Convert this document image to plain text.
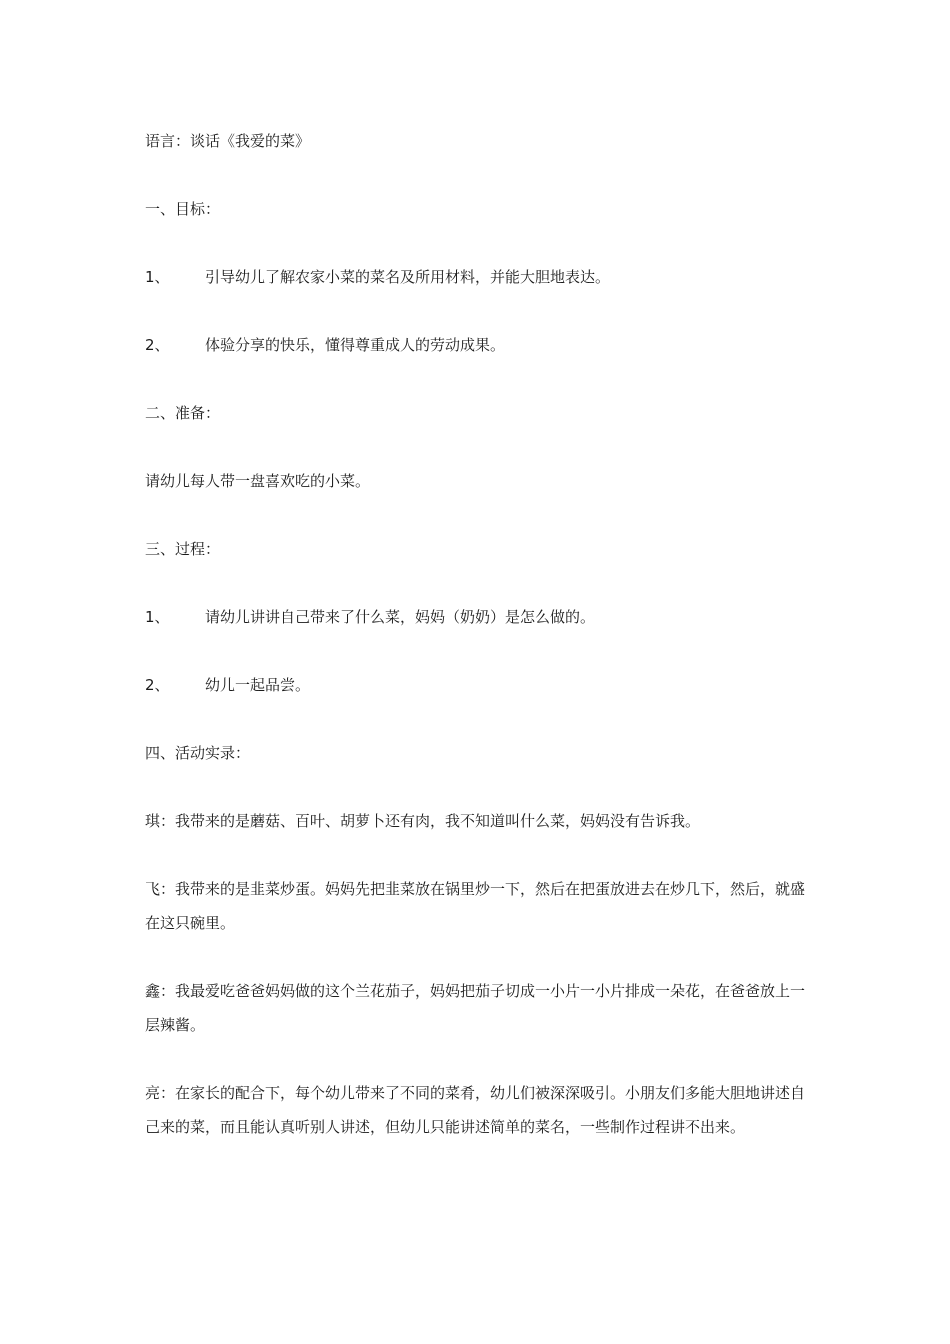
语言：谈话《我爱的菜》

一、目标：

1、	引导幼儿了解农家小菜的菜名及所用材料，并能大胆地表达。
2、	体验分享的快乐，懂得尊重成人的劳动成果。

二、准备：

请幼儿每人带一盘喜欢吃的小菜。

三、过程：

1、	请幼儿讲讲自己带来了什么菜，妈妈（奶奶）是怎么做的。
2、	幼儿一起品尝。

四、活动实录：

琪：我带来的是蘑菇、百叶、胡萝卜还有肉，我不知道叫什么菜，妈妈没有告诉我。

飞：我带来的是韭菜炒蛋。妈妈先把韭菜放在锅里炒一下，然后在把蛋放进去在炒几下，然后，就盛在这只碗里。

鑫：我最爱吃爸爸妈妈做的这个兰花茄子，妈妈把茄子切成一小片一小片排成一朵花，在爸爸放上一层辣酱。

亮：在家长的配合下，每个幼儿带来了不同的菜肴，幼儿们被深深吸引。小朋友们多能大胆地讲述自己来的菜，而且能认真听别人讲述，但幼儿只能讲述简单的菜名，一些制作过程讲不出来。
